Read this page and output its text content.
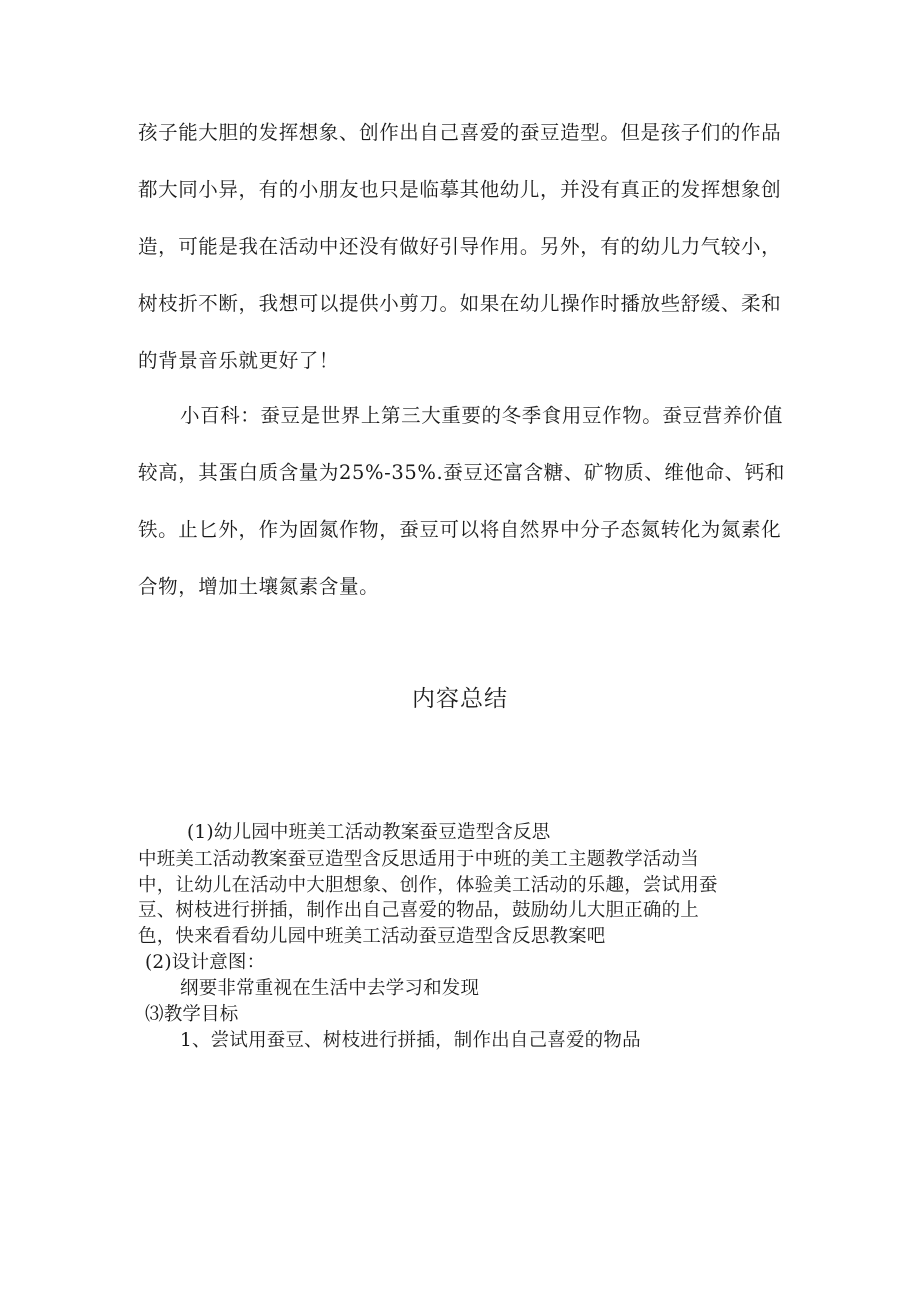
孩子能大胆的发挥想象、创作出自己喜爱的蚕豆造型。但是孩子们的作品
都大同小异，有的小朋友也只是临摹其他幼儿，并没有真正的发挥想象创
造，可能是我在活动中还没有做好引导作用。另外，有的幼儿力气较小，
树枝折不断，我想可以提供小剪刀。如果在幼儿操作时播放些舒缓、柔和
的背景音乐就更好了！
小百科：蚕豆是世界上第三大重要的冬季食用豆作物。蚕豆营养价值
较高，其蛋白质含量为25%-35%.蚕豆还富含糖、矿物质、维他命、钙和
铁。止匕外，作为固氮作物，蚕豆可以将自然界中分子态氮转化为氮素化
合物，增加土壤氮素含量。
内容总结
(1)幼儿园中班美工活动教案蚕豆造型含反思
中班美工活动教案蚕豆造型含反思适用于中班的美工主题教学活动当
中，让幼儿在活动中大胆想象、创作，体验美工活动的乐趣，尝试用蚕
豆、树枝进行拼插，制作出自己喜爱的物品，鼓励幼儿大胆正确的上
色，快来看看幼儿园中班美工活动蚕豆造型含反思教案吧
(2)设计意图：
纲要非常重视在生活中去学习和发现
⑶教学目标
1、尝试用蚕豆、树枝进行拼插，制作出自己喜爱的物品
